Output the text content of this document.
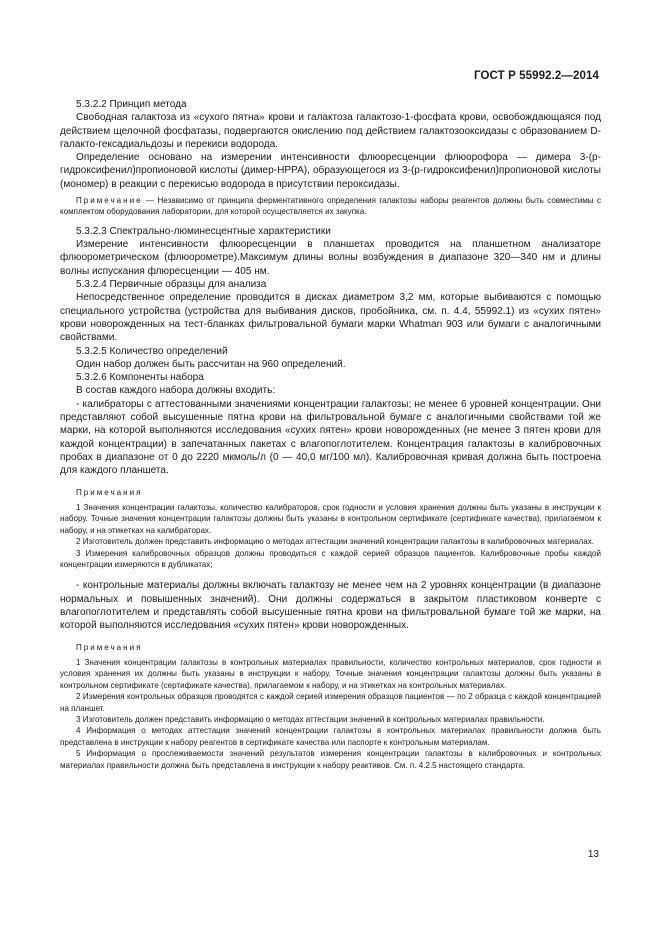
ГОСТ Р 55992.2—2014

5.3.2.2 Принцип метода

Свободная галактоза из «сухого пятна» крови и галактоза галактозо-1-фосфата крови, освобождающаяся под действием щелочной фосфатазы, подвергаются окислению под действием галактозооксидазы с образованием D-галакто-гексадиальдозы и перекиси водорода.

Определение основано на измерении интенсивности флюоресценции флюорофора — димера 3-(р-гидроксифенил)пропионовой кислоты (димер-НРРА), образующегося из 3-(р-гидроксифенил)пропионовой кислоты (мономер) в реакции с перекисью водорода в присутствии пероксидазы.

Примечание — Независимо от принципа ферментативного определения галактозы наборы реагентов должны быть совместимы с комплектом оборудования лаборатории, для которой осуществляется их закупка.

5.3.2.3 Спектрально-люминесцентные характеристики

Измерение интенсивности флюоресценции в планшетах проводится на планшетном анализаторе флюорометрическом (флюорометре).Максимум длины волны возбуждения в диапазоне 320—340 нм и длины волны испускания флюресценции — 405 нм.

5.3.2.4 Первичные образцы для анализа

Непосредственное определение проводится в дисках диаметром 3,2 мм, которые выбиваются с помощью специального устройства (устройства для выбивания дисков, пробойника, см. п. 4.4, 55992.1) из «сухих пятен» крови новорожденных на тест-бланках фильтровальной бумаги марки Whatman 903 или бумаги с аналогичными свойствами.

5.3.2.5 Количество определений

Один набор должен быть рассчитан на 960 определений.

5.3.2.6 Компоненты набора

В состав каждого набора должны входить:

- калибраторы с аттестованными значениями концентрации галактозы; не менее 6 уровней концентрации. Они представляют собой высушенные пятна крови на фильтровальной бумаге с аналогичными свойствами той же марки, на которой выполняются исследования «сухих пятен» крови новорожденных (не менее 3 пятен крови для каждой концентрации) в запечатанных пакетах с влагопоглотителем. Концентрация галактозы в калибровочных пробах в диапазоне от 0 до 2220 мкмоль/л (0 — 40,0 мг/100 мл). Калибровочная кривая должна быть построена для каждого планшета.

Примечания

1 Значения концентрации галактозы, количество калибраторов, срок годности и условия хранения должны быть указаны в инструкции к набору. Точные значения концентрации галактозы должны быть указаны в контрольном сертификате (сертификате качества), прилагаемом к набору, и на этикетках на калибраторах.

2 Изготовитель должен представить информацию о методах аттестации значений концентрации галактозы в калибровочных материалах.

3 Измерения калибровочных образцов должны проводиться с каждой серией образцов пациентов. Калибровочные пробы каждой концентрации измеряются в дубликатах;

- контрольные материалы должны включать галактозу не менее чем на 2 уровнях концентрации (в диапазоне нормальных и повышенных значений). Они должны содержаться в закрытом пластиковом конверте с влагопоглотителем и представлять собой высушенные пятна крови на фильтровальной бумаге той же марки, на которой выполняются исследования «сухих пятен» крови новорожденных.

Примечания

1 Значения концентрации галактозы в контрольных материалах правильности, количество контрольных материалов, срок годности и условия хранения их должны быть указаны в инструкции к набору. Точные значения концентрации галактозы должны быть указаны в контрольном сертификате (сертификате качества), прилагаемом к набору, и на этикетках на контрольных материалах.

2 Измерения контрольных образцов проводятся с каждой серией измерения образцов пациентов — по 2 образца с каждой концентрацией на планшет.

3 Изготовитель должен представить информацию о методах аттестации значений в контрольных материалах правильности.

4 Информация о методах аттестации значений концентрации галактозы в контрольных материалах правильности должна быть представлена в инструкции к набору реагентов в сертификате качества или паспорте к контрольным материалам.

5 Информация о прослеживаемости значений результатов измерения концентрации галактозы в калибровочных и контрольных материалах правильности должна быть представлена в инструкции к набору реактивов. См. п. 4.2.5 настоящего стандарта.

13
